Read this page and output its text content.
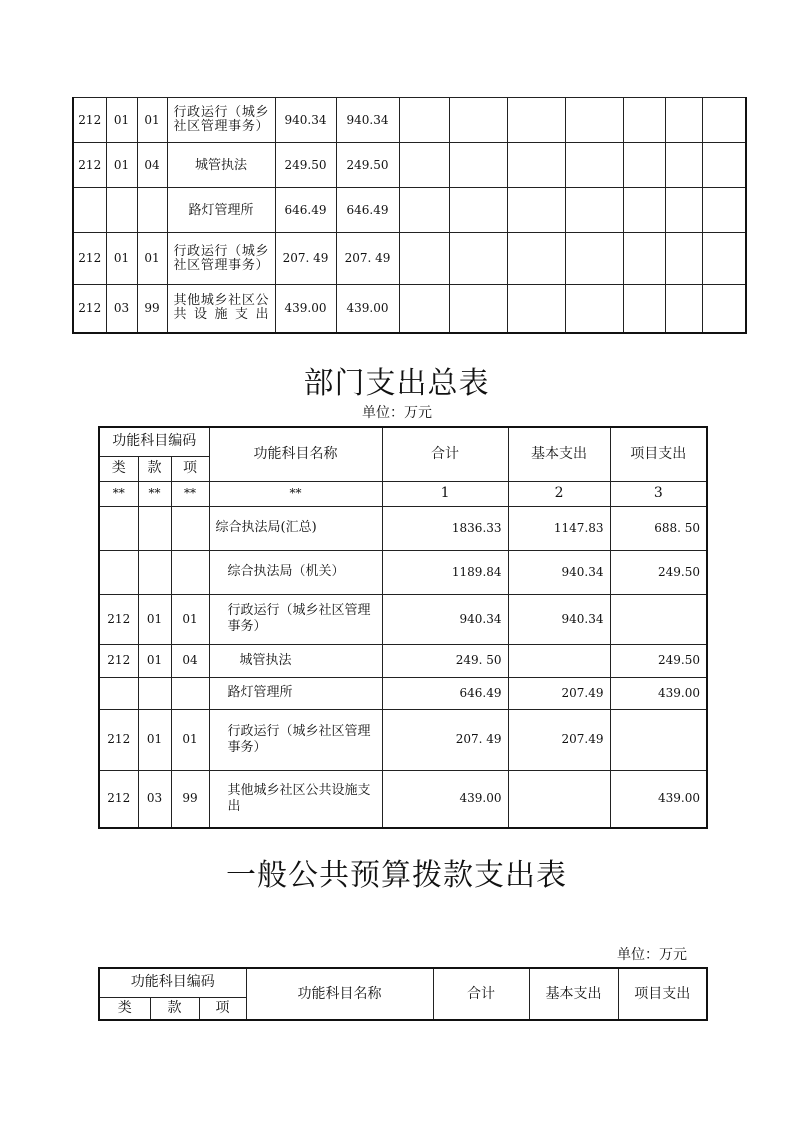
212	01	01	行政运行（城乡社区管理事务）	940.34	940.34							
212	01	04	城管执法	249.50	249.50							
			路灯管理所	646.49	646.49							
212	01	01	行政运行（城乡社区管理事务）	207. 49	207. 49							
212	03	99	其他城乡社区公共设施支出	439.00	439.00							
部门支出总表
单位：万元
功能科目编码			功能科目名称	合计	基本支出	项目支出
类	款	项				
**	**	**	**	1	2	3
			综合执法局(汇总)	1836.33	1147.83	688. 50
			综合执法局（机关）	1189.84	940.34	249.50
212	01	01	行政运行（城乡社区管理事务）	940.34	940.34	
212	01	04	城管执法	249. 50		249.50
			路灯管理所	646.49	207.49	439.00
212	01	01	行政运行（城乡社区管理事务）	207. 49	207.49	
212	03	99	其他城乡社区公共设施支出	439.00		439.00
一般公共预算拨款支出表
单位：万元
功能科目编码			功能科目名称	合计	基本支出	项目支出
类	款	项				
